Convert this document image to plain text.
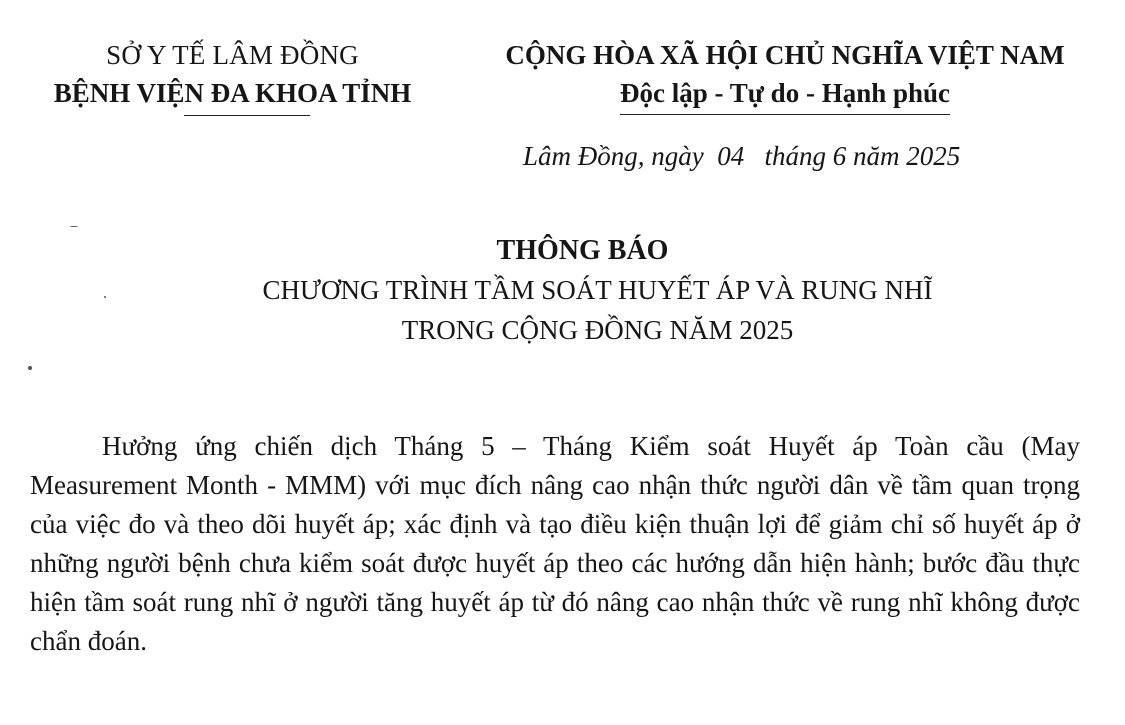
SỞ Y TẾ LÂM ĐỒNG
BỆNH VIỆN ĐA KHOA TỈNH
CỘNG HÒA XÃ HỘI CHỦ NGHĨA VIỆT NAM
Độc lập - Tự do - Hạnh phúc
Lâm Đồng, ngày  04   tháng 6 năm 2025
THÔNG BÁO
CHƯƠNG TRÌNH TẦM SOÁT HUYẾT ÁP VÀ RUNG NHĨ
TRONG CỘNG ĐỒNG NĂM 2025

Hưởng ứng chiến dịch Tháng 5 – Tháng Kiểm soát Huyết áp Toàn cầu (May Measurement Month - MMM) với mục đích nâng cao nhận thức người dân về tầm quan trọng của việc đo và theo dõi huyết áp; xác định và tạo điều kiện thuận lợi để giảm chỉ số huyết áp ở những người bệnh chưa kiểm soát được huyết áp theo các hướng dẫn hiện hành; bước đầu thực hiện tầm soát rung nhĩ ở người tăng huyết áp từ đó nâng cao nhận thức về rung nhĩ không được chẩn đoán.
